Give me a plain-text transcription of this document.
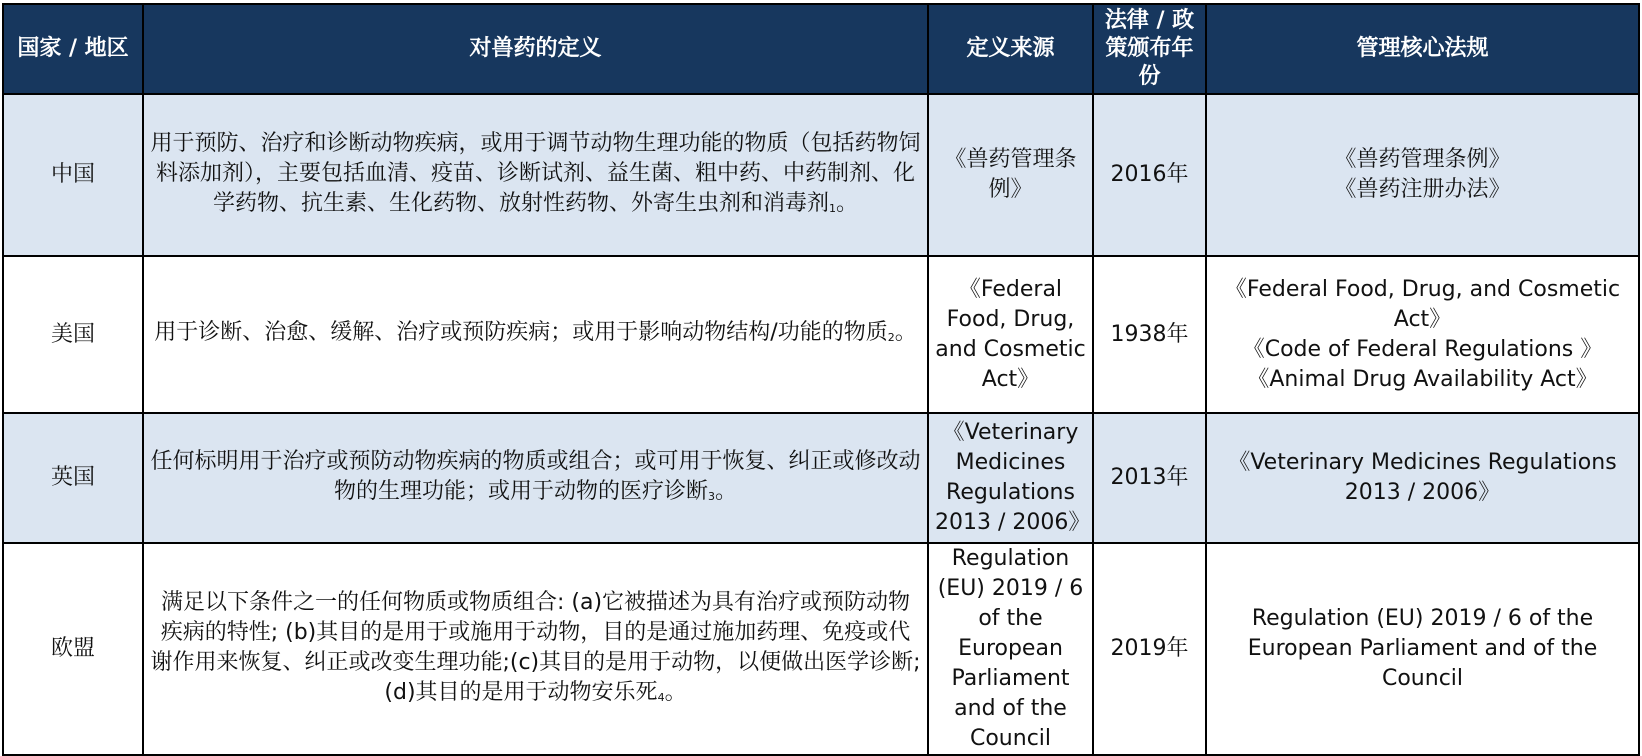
国家 / 地区	对兽药的定义	定义来源	法律 / 政策颁布年份	管理核心法规
中国	用于预防、治疗和诊断动物疾病，或用于调节动物生理功能的物质（包括药物饲料添加剂），主要包括血清、疫苗、诊断试剂、益生菌、粗中药、中药制剂、化学药物、抗生素、生化药物、放射性药物、外寄生虫剂和消毒剂$^1$。	《兽药管理条例》	2016年	《兽药管理条例》
《兽药注册办法》

美国	用于诊断、治愈、缓解、治疗或预防疾病；或用于影响动物结构/功能的物质$^2$。	《Federal Food, Drug, and Cosmetic Act》	1938年	《Federal Food, Drug, and Cosmetic Act》
《Code of Federal Regulations 》
《Animal Drug Availability Act》

英国	任何标明用于治疗或预防动物疾病的物质或组合；或可用于恢复、纠正或修改动物的生理功能；或用于动物的医疗诊断$^3$。	《Veterinary Medicines Regulations 2013 / 2006》	2013年	《Veterinary Medicines Regulations 2013 / 2006》

欧盟	满足以下条件之一的任何物质或物质组合: (a)它被描述为具有治疗或预防动物疾病的特性; (b)其目的是用于或施用于动物，目的是通过施加药理、免疫或代谢作用来恢复、纠正或改变生理功能;(c)其目的是用于动物，以便做出医学诊断;(d)其目的是用于动物安乐死$^4$。	Regulation (EU) 2019 / 6 of the European Parliament and of the Council	2019年	Regulation (EU) 2019 / 6 of the European Parliament and of the Council
